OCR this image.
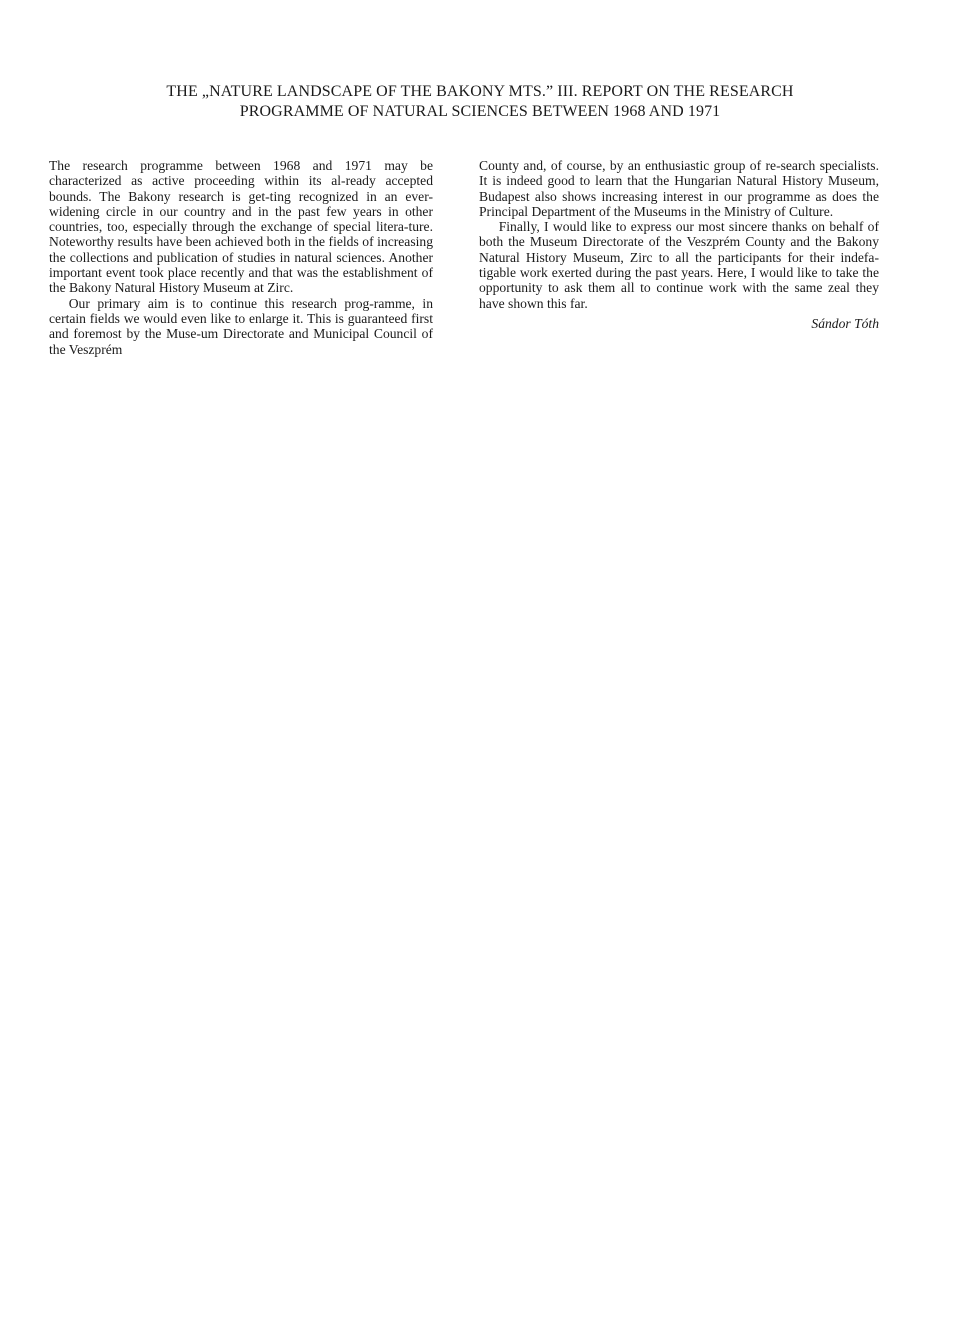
THE „NATURE LANDSCAPE OF THE BAKONY MTS.” III. REPORT ON THE RESEARCH
PROGRAMME OF NATURAL SCIENCES BETWEEN 1968 AND 1971

The research programme between 1968 and 1971 may be characterized as active proceeding within its al-ready accepted bounds. The Bakony research is get-ting recognized in an ever-widening circle in our country and in the past few years in other countries, too, especially through the exchange of special litera-ture. Noteworthy results have been achieved both in the fields of increasing the collections and publication of studies in natural sciences. Another important event took place recently and that was the establishment of the Bakony Natural History Museum at Zirc.

Our primary aim is to continue this research prog-ramme, in certain fields we would even like to enlarge it. This is guaranteed first and foremost by the Muse-um Directorate and Municipal Council of the Veszprém

County and, of course, by an enthusiastic group of re-search specialists. It is indeed good to learn that the Hungarian Natural History Museum, Budapest also shows increasing interest in our programme as does the Principal Department of the Museums in the Ministry of Culture.

Finally, I would like to express our most sincere thanks on behalf of both the Museum Directorate of the Veszprém County and the Bakony Natural History Museum, Zirc to all the participants for their indefa-tigable work exerted during the past years. Here, I would like to take the opportunity to ask them all to continue work with the same zeal they have shown this far.

Sándor Tóth
